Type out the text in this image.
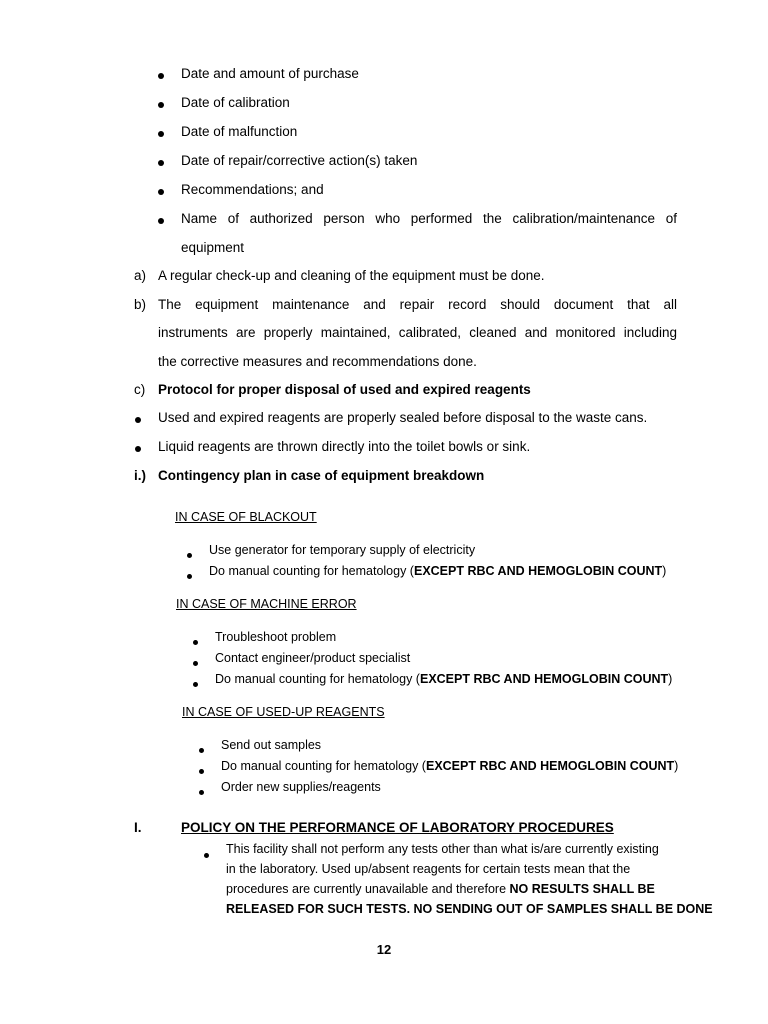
Date and amount of purchase
Date of calibration
Date of malfunction
Date of repair/corrective action(s) taken
Recommendations; and
Name of authorized person who performed the calibration/maintenance of
equipment
a) A regular check-up and cleaning of the equipment must be done.
b) The equipment maintenance and repair record should document that all
instruments are properly maintained, calibrated, cleaned and monitored including
the corrective measures and recommendations done.
c) Protocol for proper disposal of used and expired reagents
Used and expired reagents are properly sealed before disposal to the waste cans.
Liquid reagents are thrown directly into the toilet bowls or sink.
i.) Contingency plan in case of equipment breakdown
IN CASE OF BLACKOUT
Use generator for temporary supply of electricity
Do manual counting for hematology (EXCEPT RBC AND HEMOGLOBIN COUNT)
IN CASE OF MACHINE ERROR
Troubleshoot problem
Contact engineer/product specialist
Do manual counting for hematology (EXCEPT RBC AND HEMOGLOBIN COUNT)
IN CASE OF USED-UP REAGENTS
Send out samples
Do manual counting for hematology (EXCEPT RBC AND HEMOGLOBIN COUNT)
Order new supplies/reagents
I.	POLICY ON THE PERFORMANCE OF LABORATORY PROCEDURES
This facility shall not perform any tests other than what is/are currently existing
in the laboratory. Used up/absent reagents for certain tests mean that the
procedures are currently unavailable and therefore NO RESULTS SHALL BE
RELEASED FOR SUCH TESTS. NO SENDING OUT OF SAMPLES SHALL BE DONE
12
